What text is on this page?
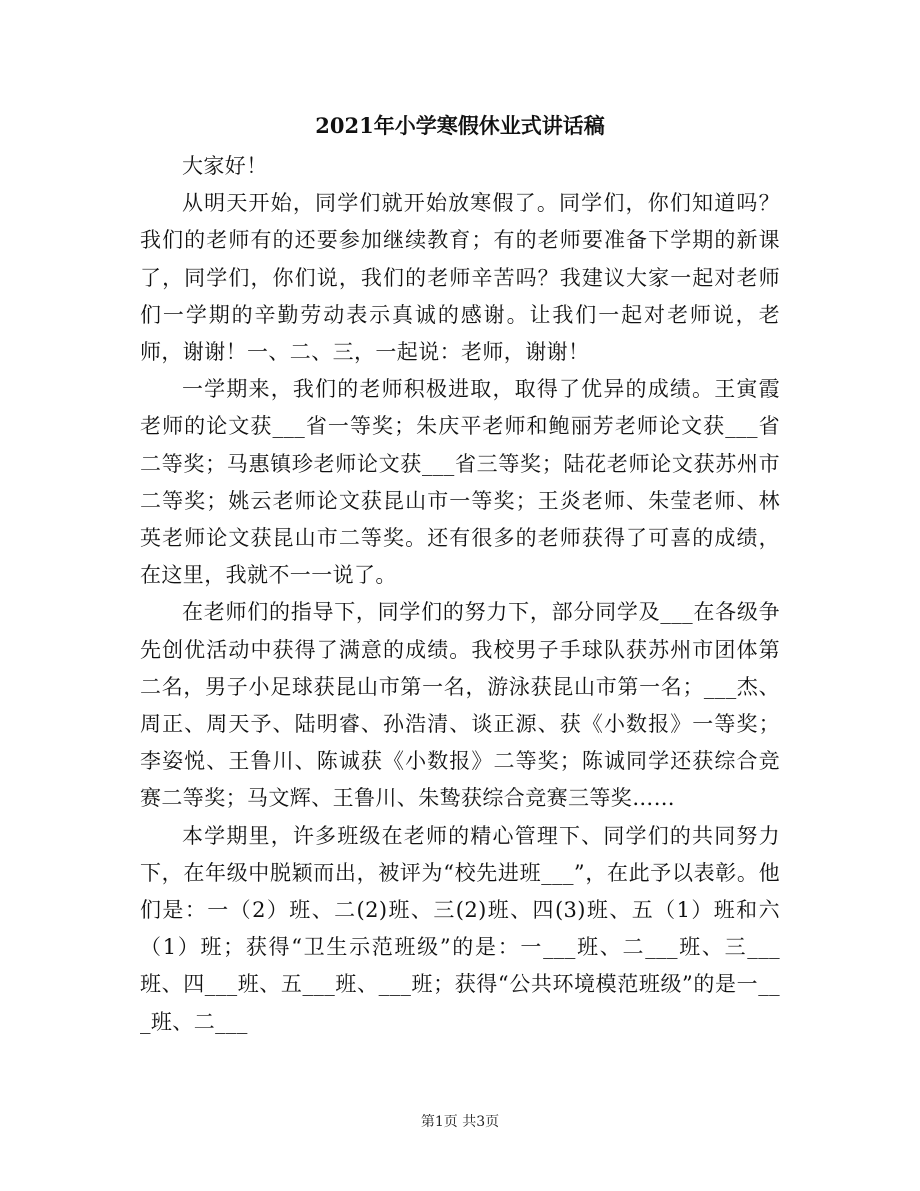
2021年小学寒假休业式讲话稿

大家好！

从明天开始，同学们就开始放寒假了。同学们，你们知道吗？我们的老师有的还要参加继续教育；有的老师要准备下学期的新课了，同学们，你们说，我们的老师辛苦吗？我建议大家一起对老师们一学期的辛勤劳动表示真诚的感谢。让我们一起对老师说，老师，谢谢！一、二、三，一起说：老师，谢谢！

一学期来，我们的老师积极进取，取得了优异的成绩。王寅霞老师的论文获___省一等奖；朱庆平老师和鲍丽芳老师论文获___省二等奖；马惠镇珍老师论文获___省三等奖；陆花老师论文获苏州市二等奖；姚云老师论文获昆山市一等奖；王炎老师、朱莹老师、林英老师论文获昆山市二等奖。还有很多的老师获得了可喜的成绩，在这里，我就不一一说了。

在老师们的指导下，同学们的努力下，部分同学及___在各级争先创优活动中获得了满意的成绩。我校男子手球队获苏州市团体第二名，男子小足球获昆山市第一名，游泳获昆山市第一名；___杰、周正、周天予、陆明睿、孙浩清、谈正源、获《小数报》一等奖；李姿悦、王鲁川、陈诚获《小数报》二等奖；陈诚同学还获综合竞赛二等奖；马文辉、王鲁川、朱鸷获综合竞赛三等奖……

本学期里，许多班级在老师的精心管理下、同学们的共同努力下，在年级中脱颖而出，被评为“校先进班___”，在此予以表彰。他们是：一（2）班、二(2)班、三(2)班、四(3)班、五（1）班和六（1）班；获得“卫生示范班级”的是：一___班、二___班、三___班、四___班、五___班、___班；获得“公共环境模范班级”的是一___班、二___

第1页 共3页
